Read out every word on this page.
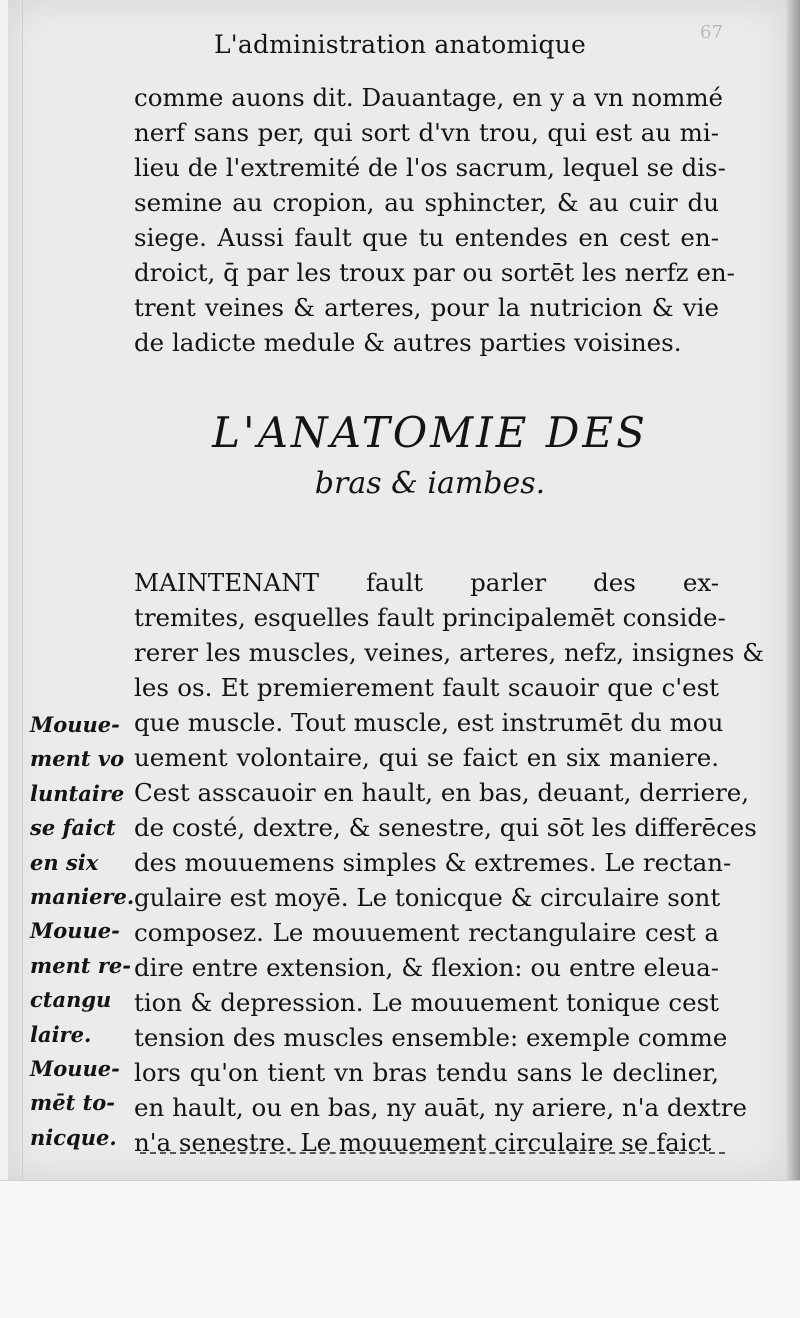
67
L'administration anatomique
comme auons dit. Dauantage, en y a vn nommé
nerf sans per, qui sort d'vn trou, qui est au mi-
lieu de l'extremité de l'os sacrum, lequel se dis-
semine au cropion, au sphincter, & au cuir du
siege. Aussi fault que tu entendes en cest en-
droict, q̄ par les troux par ou sortēt les nerfz en-
trent veines & arteres, pour la nutricion & vie
de ladicte medule & autres parties voisines.
L'ANATOMIE DES
bras & iambes.
MAINTENANT fault parler des ex-
tremites, esquelles fault principalemēt conside-
rerer les muscles, veines, arteres, nefz, insignes &
les os. Et premierement fault scauoir que c'est
que muscle. Tout muscle, est instrumēt du mou
uement volontaire, qui se faict en six maniere.
Cest asscauoir en hault, en bas, deuant, derriere,
de costé, dextre, & senestre, qui sōt les differēces
des mouuemens simples & extremes. Le rectan-
gulaire est moyē. Le tonicque & circulaire sont
composez. Le mouuement rectangulaire cest a
dire entre extension, & flexion: ou entre eleua-
tion & depression. Le mouuement tonique cest
tension des muscles ensemble: exemple comme
lors qu'on tient vn bras tendu sans le decliner,
en hault, ou en bas, ny auāt, ny ariere, n'a dextre
n'a senestre. Le mouuement circulaire se faict
Mouue-
ment vo
luntaire
se faict
en six
maniere.
Mouue-
ment re-
ctangu
laire.
Mouue-
mēt to-
nicque.
